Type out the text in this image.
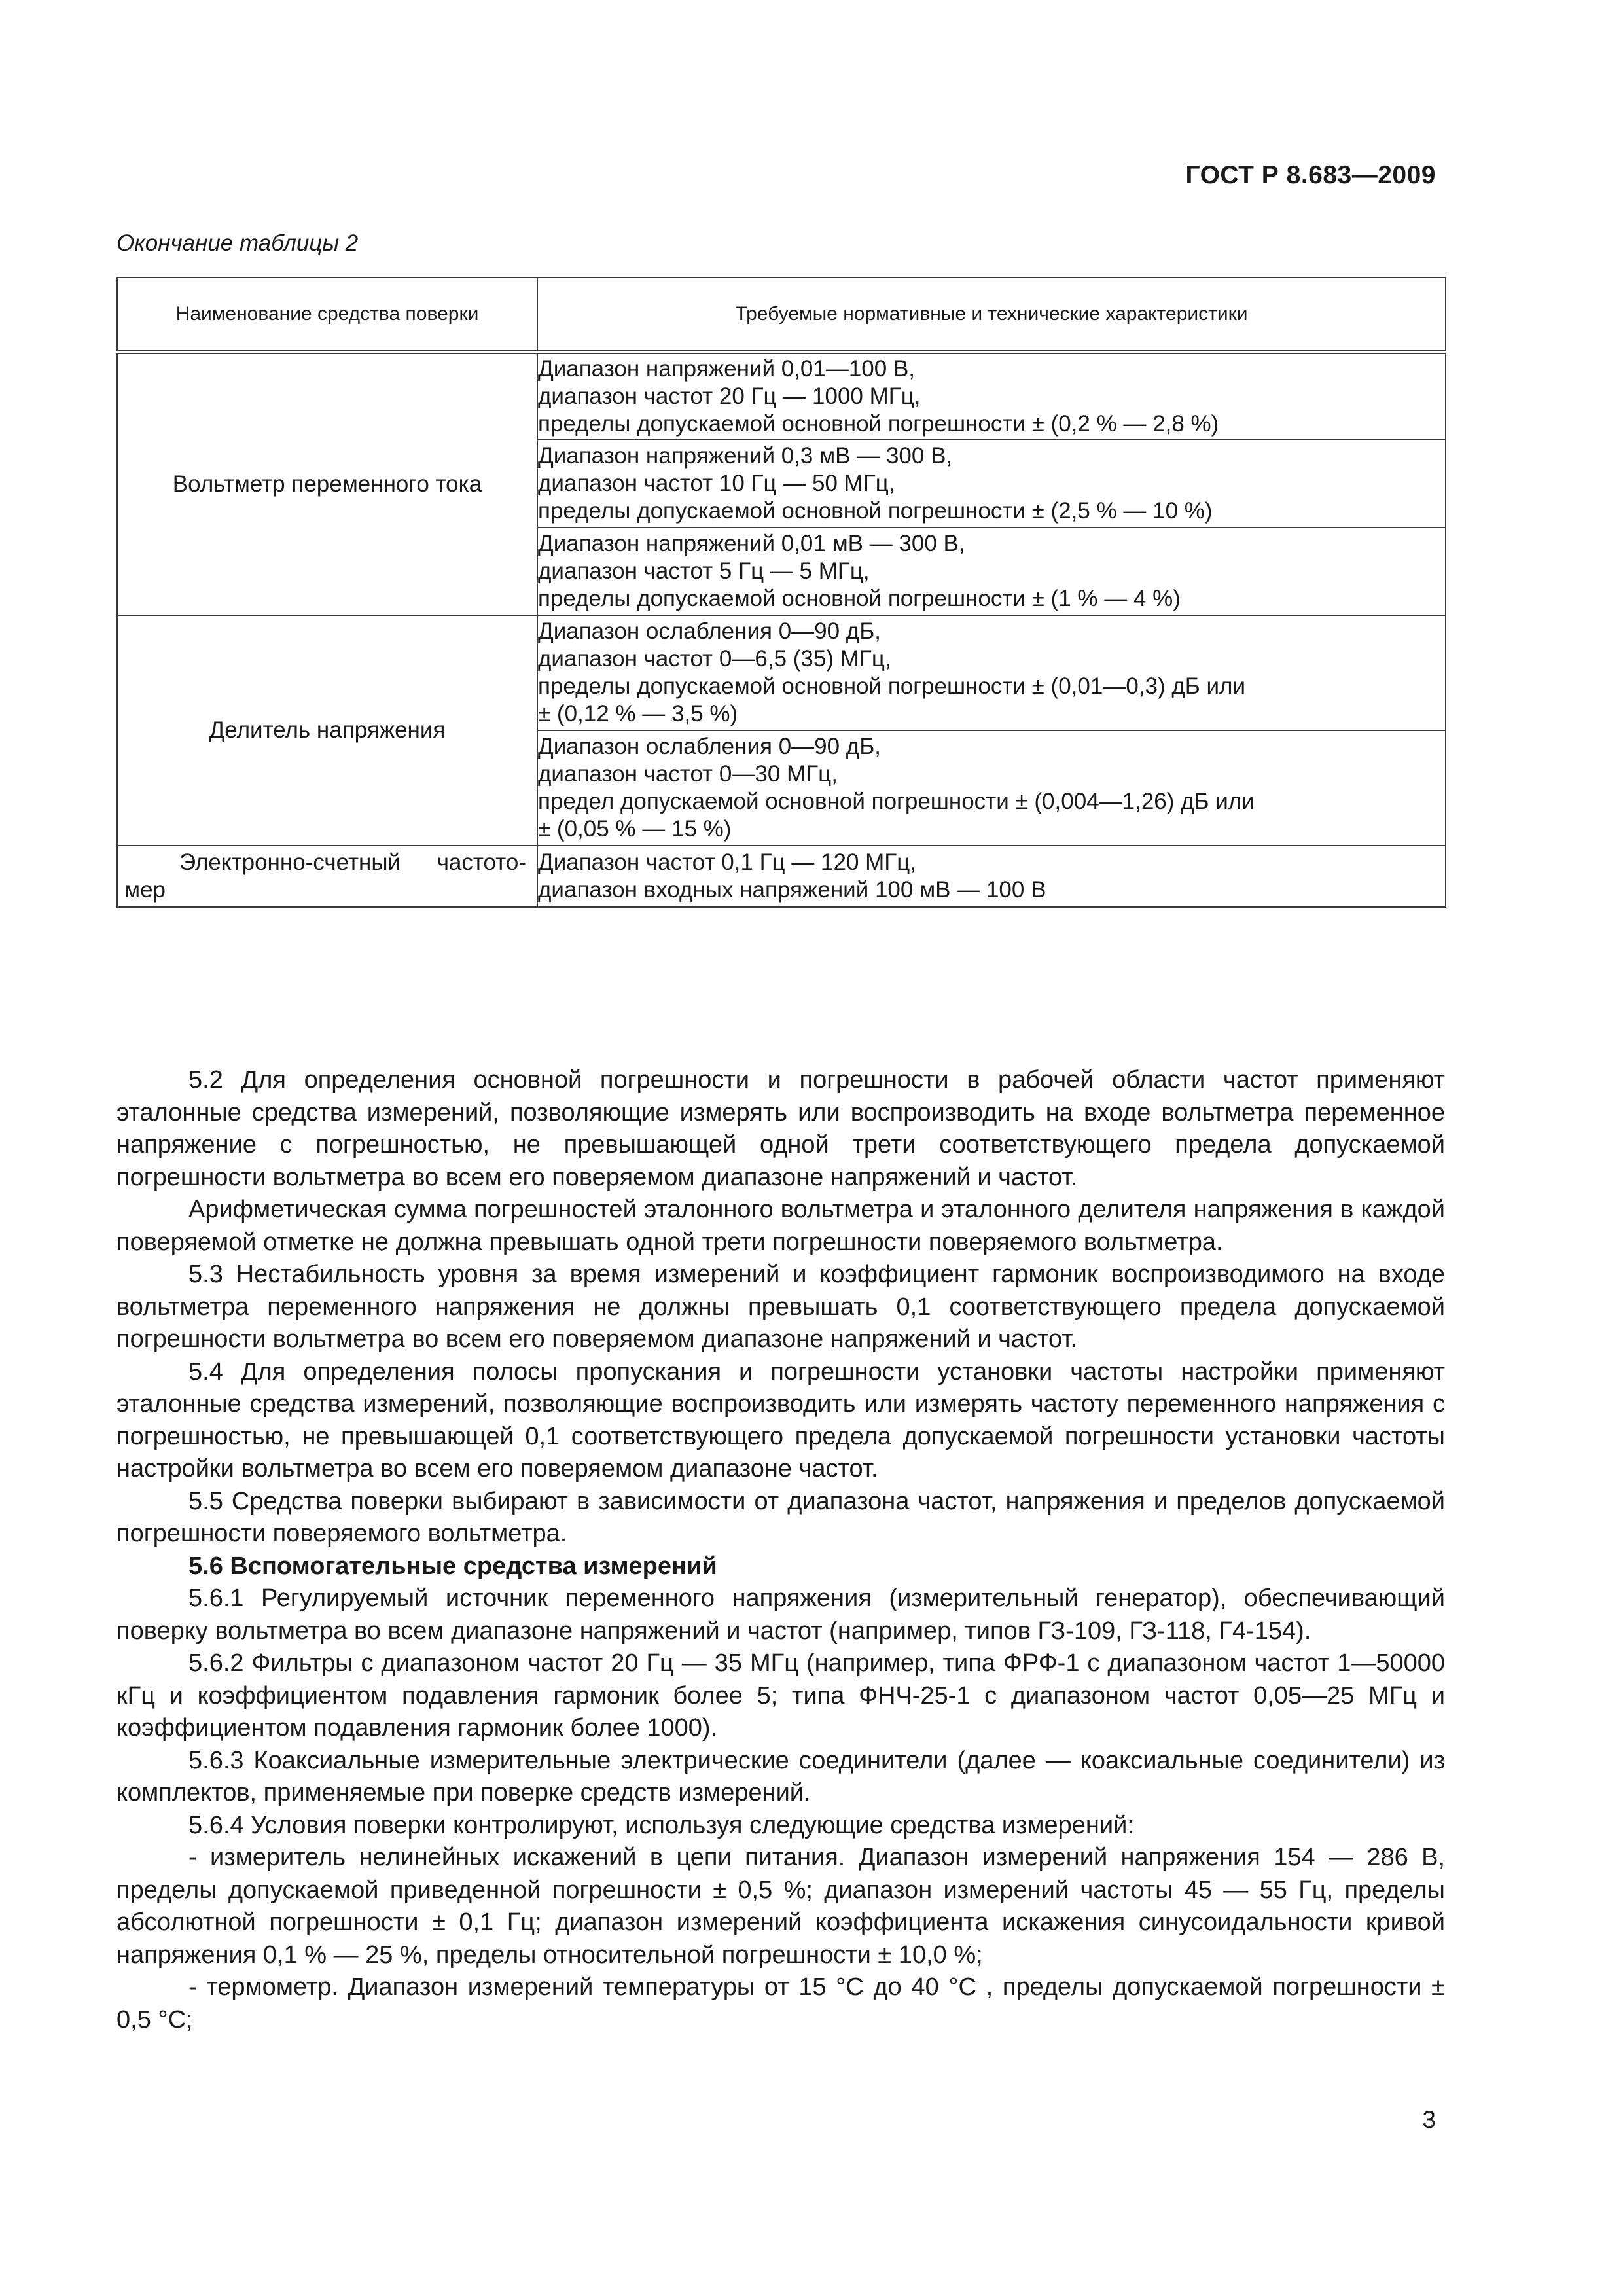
ГОСТ Р 8.683—2009
Окончание таблицы 2
Наименование средства поверки	Требуемые нормативные и технические характеристики
Вольтметр переменного тока	Диапазон напряжений 0,01—100 В,
диапазон частот 20 Гц — 1000 МГц,
пределы допускаемой основной погрешности ± (0,2 % — 2,8 %)

	Диапазон напряжений 0,3 мВ — 300 В,
диапазон частот 10 Гц — 50 МГц,
пределы допускаемой основной погрешности ± (2,5 % — 10 %)

	Диапазон напряжений 0,01 мВ — 300 В,
диапазон частот 5 Гц — 5 МГц,
пределы допускаемой основной погрешности ± (1 % — 4 %)

Делитель напряжения	Диапазон ослабления 0—90 дБ,
диапазон частот 0—6,5 (35) МГц,
пределы допускаемой основной погрешности ± (0,01—0,3) дБ или
± (0,12 % — 3,5 %)

	Диапазон ослабления 0—90 дБ,
диапазон частот 0—30 МГц,
предел допускаемой основной погрешности ± (0,004—1,26) дБ или
± (0,05 % — 15 %)

Электронно-счетный частото-мер	Диапазон частот 0,1 Гц — 120 МГц,
диапазон входных напряжений 100 мВ — 100 В

5.2 Для определения основной погрешности и погрешности в рабочей области частот применяют эталонные средства измерений, позволяющие измерять или воспроизводить на входе вольтметра переменное напряжение с погрешностью, не превышающей одной трети соответствующего предела допускаемой погрешности вольтметра во всем его поверяемом диапазоне напряжений и частот.

Арифметическая сумма погрешностей эталонного вольтметра и эталонного делителя напряжения в каждой поверяемой отметке не должна превышать одной трети погрешности поверяемого вольтметра.

5.3 Нестабильность уровня за время измерений и коэффициент гармоник воспроизводимого на входе вольтметра переменного напряжения не должны превышать 0,1 соответствующего предела допускаемой погрешности вольтметра во всем его поверяемом диапазоне напряжений и частот.

5.4 Для определения полосы пропускания и погрешности установки частоты настройки применяют эталонные средства измерений, позволяющие воспроизводить или измерять частоту переменного напряжения с погрешностью, не превышающей 0,1 соответствующего предела допускаемой погрешности установки частоты настройки вольтметра во всем его поверяемом диапазоне частот.

5.5 Средства поверки выбирают в зависимости от диапазона частот, напряжения и пределов допускаемой погрешности поверяемого вольтметра.

5.6 Вспомогательные средства измерений

5.6.1 Регулируемый источник переменного напряжения (измерительный генератор), обеспечивающий поверку вольтметра во всем диапазоне напряжений и частот (например, типов ГЗ-109, ГЗ-118, Г4-154).

5.6.2 Фильтры с диапазоном частот 20 Гц — 35 МГц (например, типа ФРФ-1 с диапазоном частот 1—50000 кГц и коэффициентом подавления гармоник более 5; типа ФНЧ-25-1 с диапазоном частот 0,05—25 МГц и коэффициентом подавления гармоник более 1000).

5.6.3 Коаксиальные измерительные электрические соединители (далее — коаксиальные соединители) из комплектов, применяемые при поверке средств измерений.

5.6.4 Условия поверки контролируют, используя следующие средства измерений:

- измеритель нелинейных искажений в цепи питания. Диапазон измерений напряжения 154 — 286 В, пределы допускаемой приведенной погрешности ± 0,5 %; диапазон измерений частоты 45 — 55 Гц, пределы абсолютной погрешности ± 0,1 Гц; диапазон измерений коэффициента искажения синусоидальности кривой напряжения 0,1 % — 25 %, пределы относительной погрешности ± 10,0 %;

- термометр. Диапазон измерений температуры от 15 °С до 40 °С , пределы допускаемой погрешности ± 0,5 °С;

3
